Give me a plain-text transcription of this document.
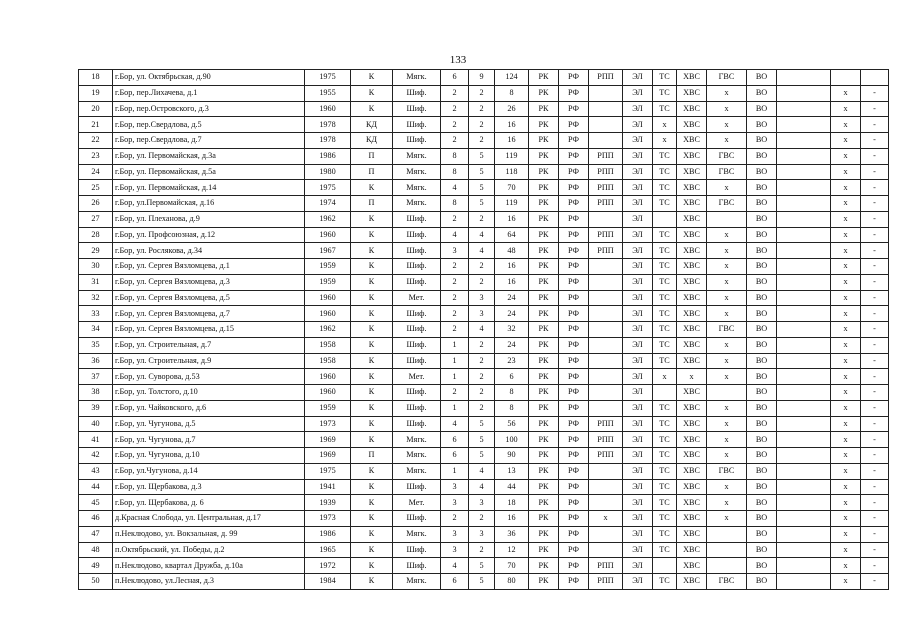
133
18	г.Бор, ул. Октябрьская, д.90	1975	К	Мягк.	6	9	124	РК	РФ	РПП	ЭЛ	ТС	ХВС	ГВС	ВО			
19	г.Бор, пер.Лихачева, д.1	1955	К	Шиф.	2	2	8	РК	РФ		ЭЛ	ТС	ХВС	х	ВО		х	-
20	г.Бор, пер.Островского, д.3	1960	К	Шиф.	2	2	26	РК	РФ		ЭЛ	ТС	ХВС	х	ВО		х	-
21	г.Бор, пер.Свердлова, д.5	1978	КД	Шиф.	2	2	16	РК	РФ		ЭЛ	х	ХВС	х	ВО		х	-
22	г.Бор, пер.Свердлова, д.7	1978	КД	Шиф.	2	2	16	РК	РФ		ЭЛ	х	ХВС	х	ВО		х	-
23	г.Бор, ул. Первомайская, д.3а	1986	П	Мягк.	8	5	119	РК	РФ	РПП	ЭЛ	ТС	ХВС	ГВС	ВО		х	-
24	г.Бор, ул. Первомайская, д.5а	1980	П	Мягк.	8	5	118	РК	РФ	РПП	ЭЛ	ТС	ХВС	ГВС	ВО		х	-
25	г.Бор, ул. Первомайская, д.14	1975	К	Мягк.	4	5	70	РК	РФ	РПП	ЭЛ	ТС	ХВС	х	ВО		х	-
26	г.Бор, ул.Первомайская, д.16	1974	П	Мягк.	8	5	119	РК	РФ	РПП	ЭЛ	ТС	ХВС	ГВС	ВО		х	-
27	г.Бор, ул. Плеханова, д.9	1962	К	Шиф.	2	2	16	РК	РФ		ЭЛ		ХВС		ВО		х	-
28	г.Бор, ул. Профсоюзная, д.12	1960	К	Шиф.	4	4	64	РК	РФ	РПП	ЭЛ	ТС	ХВС	х	ВО		х	-
29	г.Бор, ул. Рослякова, д.34	1967	К	Шиф.	3	4	48	РК	РФ	РПП	ЭЛ	ТС	ХВС	х	ВО		х	-
30	г.Бор, ул. Сергея Вязломцева, д.1	1959	К	Шиф.	2	2	16	РК	РФ		ЭЛ	ТС	ХВС	х	ВО		х	-
31	г.Бор, ул. Сергея Вязломцева, д.3	1959	К	Шиф.	2	2	16	РК	РФ		ЭЛ	ТС	ХВС	х	ВО		х	-
32	г.Бор, ул. Сергея Вязломцева, д.5	1960	К	Мет.	2	3	24	РК	РФ		ЭЛ	ТС	ХВС	х	ВО		х	-
33	г.Бор, ул. Сергея Вязломцева, д.7	1960	К	Шиф.	2	3	24	РК	РФ		ЭЛ	ТС	ХВС	х	ВО		х	-
34	г.Бор, ул. Сергея Вязломцева, д.15	1962	К	Шиф.	2	4	32	РК	РФ		ЭЛ	ТС	ХВС	ГВС	ВО		х	-
35	г.Бор, ул. Строительная, д.7	1958	К	Шиф.	1	2	24	РК	РФ		ЭЛ	ТС	ХВС	х	ВО		х	-
36	г.Бор, ул. Строительная, д.9	1958	К	Шиф.	1	2	23	РК	РФ		ЭЛ	ТС	ХВС	х	ВО		х	-
37	г.Бор, ул. Суворова, д.53	1960	К	Мет.	1	2	6	РК	РФ		ЭЛ	х	х	х	ВО		х	-
38	г.Бор, ул. Толстого, д.10	1960	К	Шиф.	2	2	8	РК	РФ		ЭЛ		ХВС		ВО		х	-
39	г.Бор, ул. Чайковского, д.6	1959	К	Шиф.	1	2	8	РК	РФ		ЭЛ	ТС	ХВС	х	ВО		х	-
40	г.Бор, ул. Чугунова, д.5	1973	К	Шиф.	4	5	56	РК	РФ	РПП	ЭЛ	ТС	ХВС	х	ВО		х	-
41	г.Бор, ул. Чугунова, д.7	1969	К	Мягк.	6	5	100	РК	РФ	РПП	ЭЛ	ТС	ХВС	х	ВО		х	-
42	г.Бор, ул. Чугунова, д.10	1969	П	Мягк.	6	5	90	РК	РФ	РПП	ЭЛ	ТС	ХВС	х	ВО		х	-
43	г.Бор, ул.Чугунова, д.14	1975	К	Мягк.	1	4	13	РК	РФ		ЭЛ	ТС	ХВС	ГВС	ВО		х	-
44	г.Бор, ул. Щербакова, д.3	1941	К	Шиф.	3	4	44	РК	РФ		ЭЛ	ТС	ХВС	х	ВО		х	-
45	г.Бор, ул. Щербакова, д. 6	1939	К	Мет.	3	3	18	РК	РФ		ЭЛ	ТС	ХВС	х	ВО		х	-
46	д.Красная Слобода, ул. Центральная, д.17	1973	К	Шиф.	2	2	16	РК	РФ	х	ЭЛ	ТС	ХВС	х	ВО		х	-
47	п.Неклюдово, ул. Вокзальная, д. 99	1986	К	Мягк.	3	3	36	РК	РФ		ЭЛ	ТС	ХВС		ВО		х	-
48	п.Октябрьский, ул. Победы, д.2	1965	К	Шиф.	3	2	12	РК	РФ		ЭЛ	ТС	ХВС		ВО		х	-
49	п.Неклюдово, квартал Дружба, д.10а	1972	К	Шиф.	4	5	70	РК	РФ	РПП	ЭЛ		ХВС		ВО		х	-
50	п.Неклюдово, ул.Лесная, д.3	1984	К	Мягк.	6	5	80	РК	РФ	РПП	ЭЛ	ТС	ХВС	ГВС	ВО		х	-
